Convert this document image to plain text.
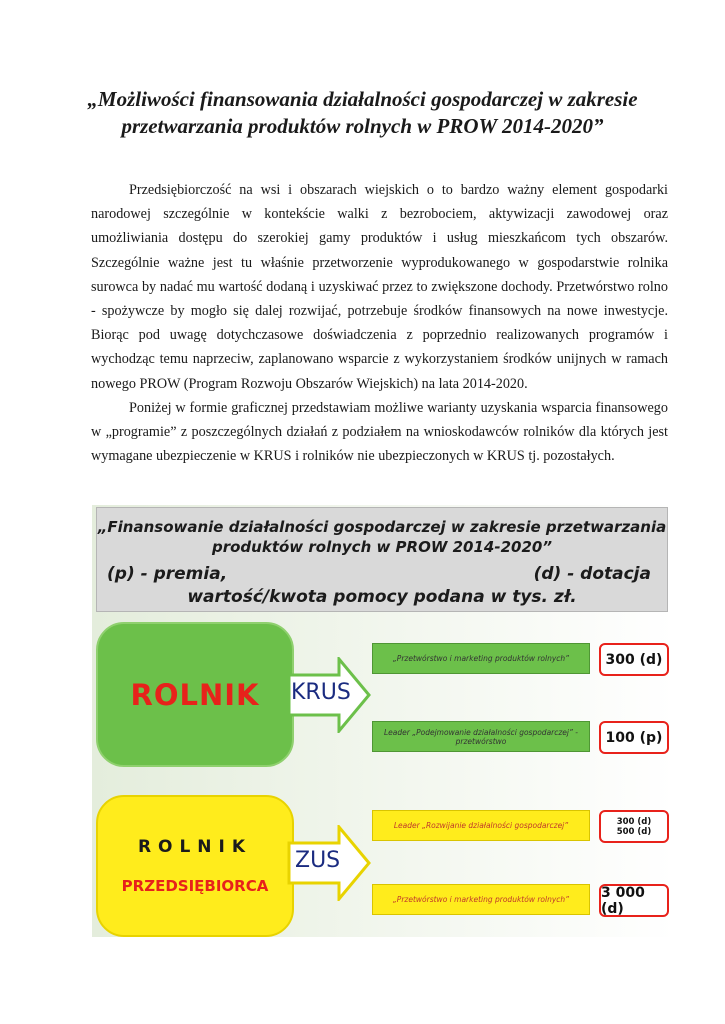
„Możliwości finansowania działalności gospodarczej w zakresie przetwarzania produktów rolnych w PROW 2014-2020”

Przedsiębiorczość na wsi i obszarach wiejskich o to bardzo ważny element gospodarki narodowej szczególnie w kontekście walki z bezrobociem, aktywizacji zawodowej oraz umożliwiania dostępu do szerokiej gamy produktów i usług mieszkańcom tych obszarów. Szczególnie ważne jest tu właśnie przetworzenie wyprodukowanego w gospodarstwie rolnika surowca by nadać mu wartość dodaną i uzyskiwać przez to zwiększone dochody. Przetwórstwo rolno - spożywcze by mogło się dalej rozwijać, potrzebuje środków finansowych na nowe inwestycje. Biorąc pod uwagę dotychczasowe doświadczenia z poprzednio realizowanych programów i wychodząc temu naprzeciw, zaplanowano wsparcie z wykorzystaniem środków unijnych w ramach nowego PROW (Program Rozwoju Obszarów Wiejskich) na lata 2014-2020.

Poniżej w formie graficznej przedstawiam możliwe warianty uzyskania wsparcia finansowego w „programie” z poszczególnych działań z podziałem na wnioskodawców rolników dla których jest wymagane ubezpieczenie w KRUS i rolników nie ubezpieczonych w KRUS tj. pozostałych.

„Finansowanie działalności gospodarczej w zakresie przetwarzania
produktów rolnych w PROW 2014-2020”
(p) - premia,	(d) - dotacja
wartość/kwota pomocy podana w tys. zł.
ROLNIK KRUS
„Przetwórstwo i marketing produktów rolnych”	300 (d)
Leader „Podejmowanie działalności gospodarczej” - przetwórstwo	100 (p)
ROLNIK
PRZEDSIĘBIORCA
ZUS
Leader „Rozwijanie działalności gospodarczej”	300 (d)
500 (d)
„Przetwórstwo i marketing produktów rolnych”	3 000 (d)
